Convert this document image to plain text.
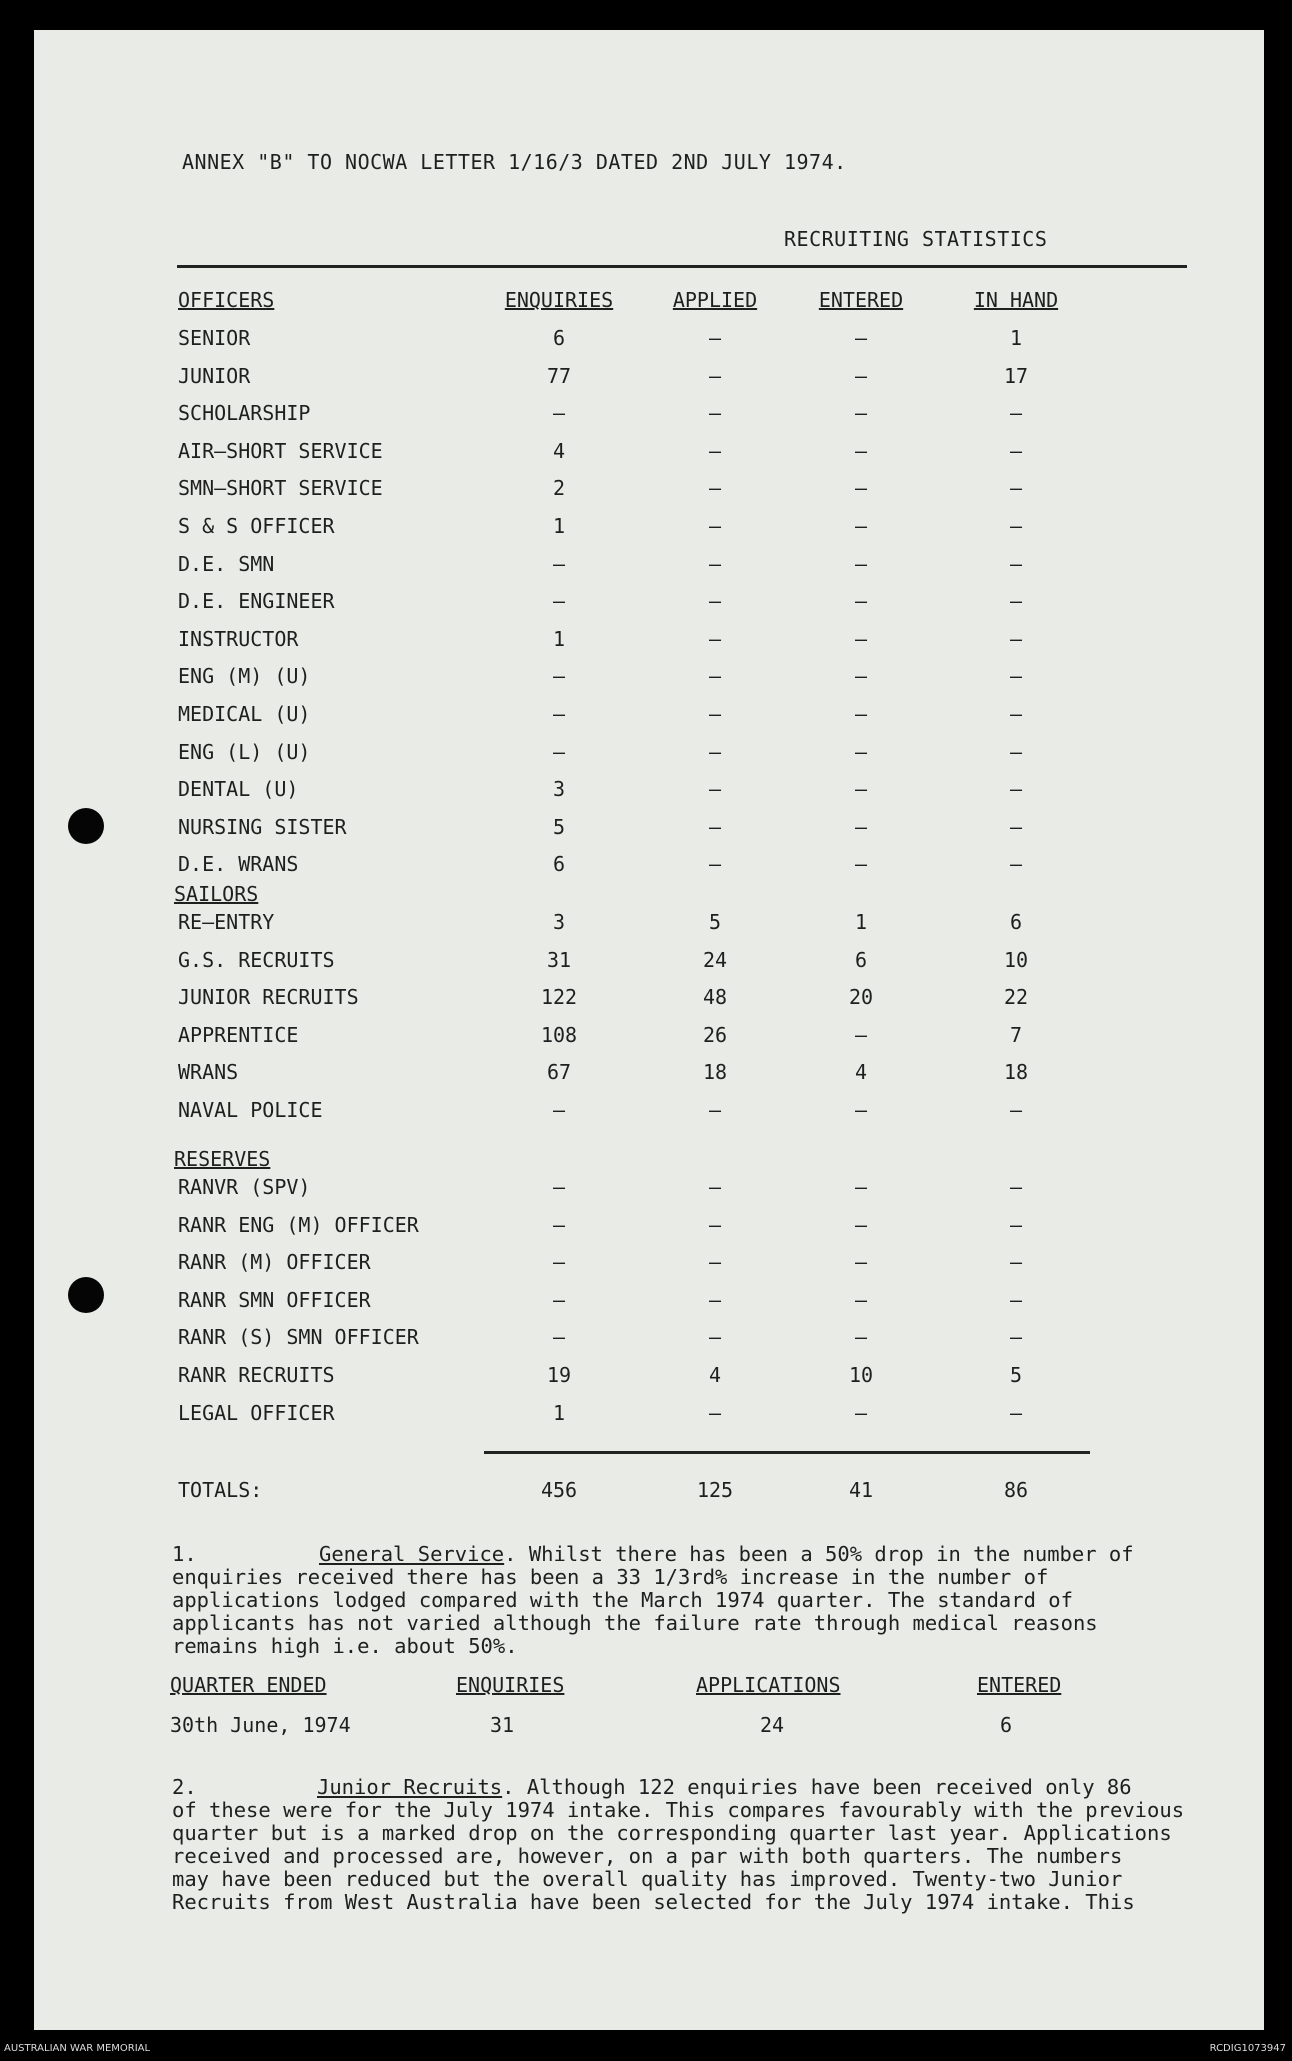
ANNEX "B" TO NOCWA LETTER 1/16/3 DATED 2ND JULY 1974.
RECRUITING STATISTICS
OFFICERS	ENQUIRIES	APPLIED	ENTERED	IN HAND
SENIOR	6	–	–	1
JUNIOR	77	–	–	17
SCHOLARSHIP	–	–	–	–
AIR–SHORT SERVICE	4	–	–	–
SMN–SHORT SERVICE	2	–	–	–
S & S OFFICER	1	–	–	–
D.E. SMN	–	–	–	–
D.E. ENGINEER	–	–	–	–
INSTRUCTOR	1	–	–	–
ENG (M) (U)	–	–	–	–
MEDICAL (U)	–	–	–	–
ENG (L) (U)	–	–	–	–
DENTAL (U)	3	–	–	–
NURSING SISTER	5	–	–	–
D.E. WRANS	6	–	–	–
SAILORS
RE–ENTRY	3	5	1	6
G.S. RECRUITS	31	24	6	10
JUNIOR RECRUITS	122	48	20	22
APPRENTICE	108	26	–	7
WRANS	67	18	4	18
NAVAL POLICE	–	–	–	–
RESERVES
RANVR (SPV)	–	–	–	–
RANR ENG (M) OFFICER	–	–	–	–
RANR (M) OFFICER	–	–	–	–
RANR SMN OFFICER	–	–	–	–
RANR (S) SMN OFFICER	–	–	–	–
RANR RECRUITS	19	4	10	5
LEGAL OFFICER	1	–	–	–
TOTALS:	456	125	41	86
1.	General Service. Whilst there has been a 50% drop in the number of
enquiries received there has been a 33 1/3rd% increase in the number of
applications lodged compared with the March 1974 quarter. The standard of
applicants has not varied although the failure rate through medical reasons
remains high i.e. about 50%.
QUARTER ENDED	ENQUIRIES	APPLICATIONS	ENTERED
30th June, 1974	31	24	6
2.	Junior Recruits. Although 122 enquiries have been received only 86
of these were for the July 1974 intake. This compares favourably with the previous
quarter but is a marked drop on the corresponding quarter last year. Applications
received and processed are, however, on a par with both quarters. The numbers
may have been reduced but the overall quality has improved. Twenty-two Junior
Recruits from West Australia have been selected for the July 1974 intake. This
AUSTRALIAN WAR MEMORIAL	RCDIG1073947
